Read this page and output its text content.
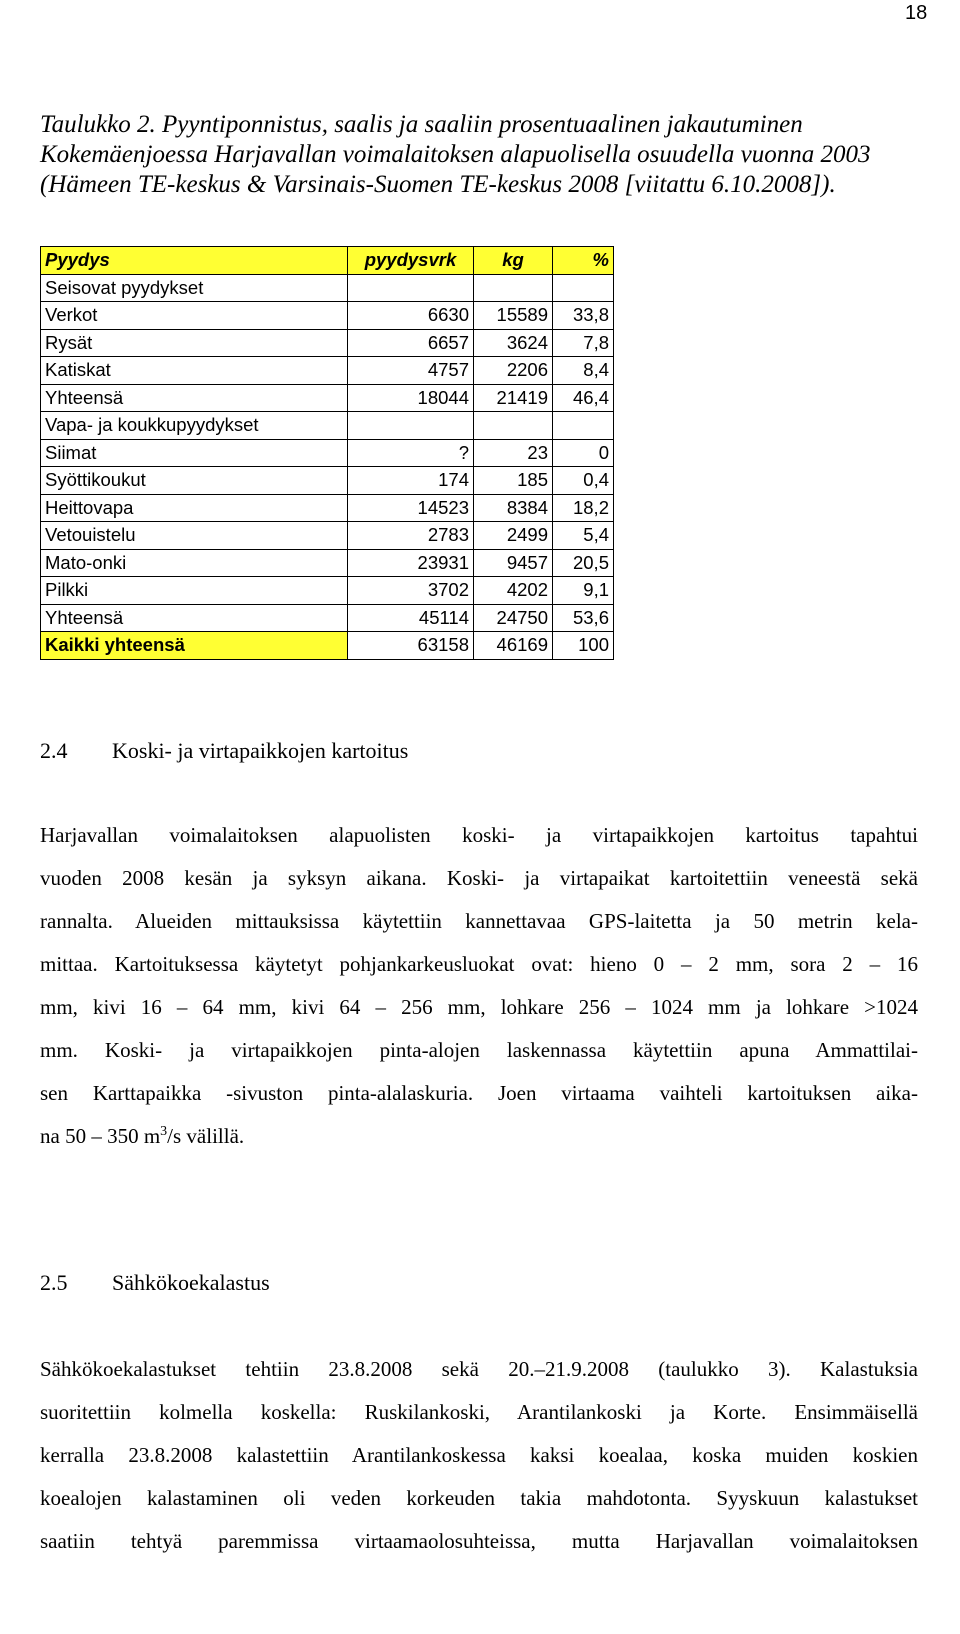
18
Taulukko 2. Pyyntiponnistus, saalis ja saaliin prosentuaalinen jakautuminen Kokemäenjoessa Harjavallan voimalaitoksen alapuolisella osuudella vuonna 2003 (Hämeen TE-keskus & Varsinais-Suomen TE-keskus 2008 [viitattu 6.10.2008]).
Pyydys	pyydysvrk	kg	%
Seisovat pyydykset			
Verkot	6630	15589	33,8
Rysät	6657	3624	7,8
Katiskat	4757	2206	8,4
Yhteensä	18044	21419	46,4
Vapa- ja koukkupyydykset			
Siimat	?	23	0
Syöttikoukut	174	185	0,4
Heittovapa	14523	8384	18,2
Vetouistelu	2783	2499	5,4
Mato-onki	23931	9457	20,5
Pilkki	3702	4202	9,1
Yhteensä	45114	24750	53,6
Kaikki yhteensä	63158	46169	100
2.4 Koski- ja virtapaikkojen kartoitus
Harjavallan voimalaitoksen alapuolisten koski- ja virtapaikkojen kartoitus tapahtui
vuoden 2008 kesän ja syksyn aikana. Koski- ja virtapaikat kartoitettiin veneestä sekä
rannalta. Alueiden mittauksissa käytettiin kannettavaa GPS-laitetta ja 50 metrin kela-
mittaa. Kartoituksessa käytetyt pohjankarkeusluokat ovat: hieno 0 – 2 mm, sora 2 – 16
mm, kivi 16 – 64 mm, kivi 64 – 256 mm, lohkare 256 – 1024 mm ja lohkare >1024
mm. Koski- ja virtapaikkojen pinta-alojen laskennassa käytettiin apuna Ammattilai-
sen Karttapaikka -sivuston pinta-alalaskuria. Joen virtaama vaihteli kartoituksen aika-
na 50 – 350 $m^3/s$ välillä.
2.5 Sähkökoekalastus
Sähkökoekalastukset tehtiin 23.8.2008 sekä 20.–21.9.2008 (taulukko 3). Kalastuksia
suoritettiin kolmella koskella: Ruskilankoski, Arantilankoski ja Korte. Ensimmäisellä
kerralla 23.8.2008 kalastettiin Arantilankoskessa kaksi koealaa, koska muiden koskien
koealojen kalastaminen oli veden korkeuden takia mahdotonta. Syyskuun kalastukset
saatiin tehtyä paremmissa virtaamaolosuhteissa, mutta Harjavallan voimalaitoksen
